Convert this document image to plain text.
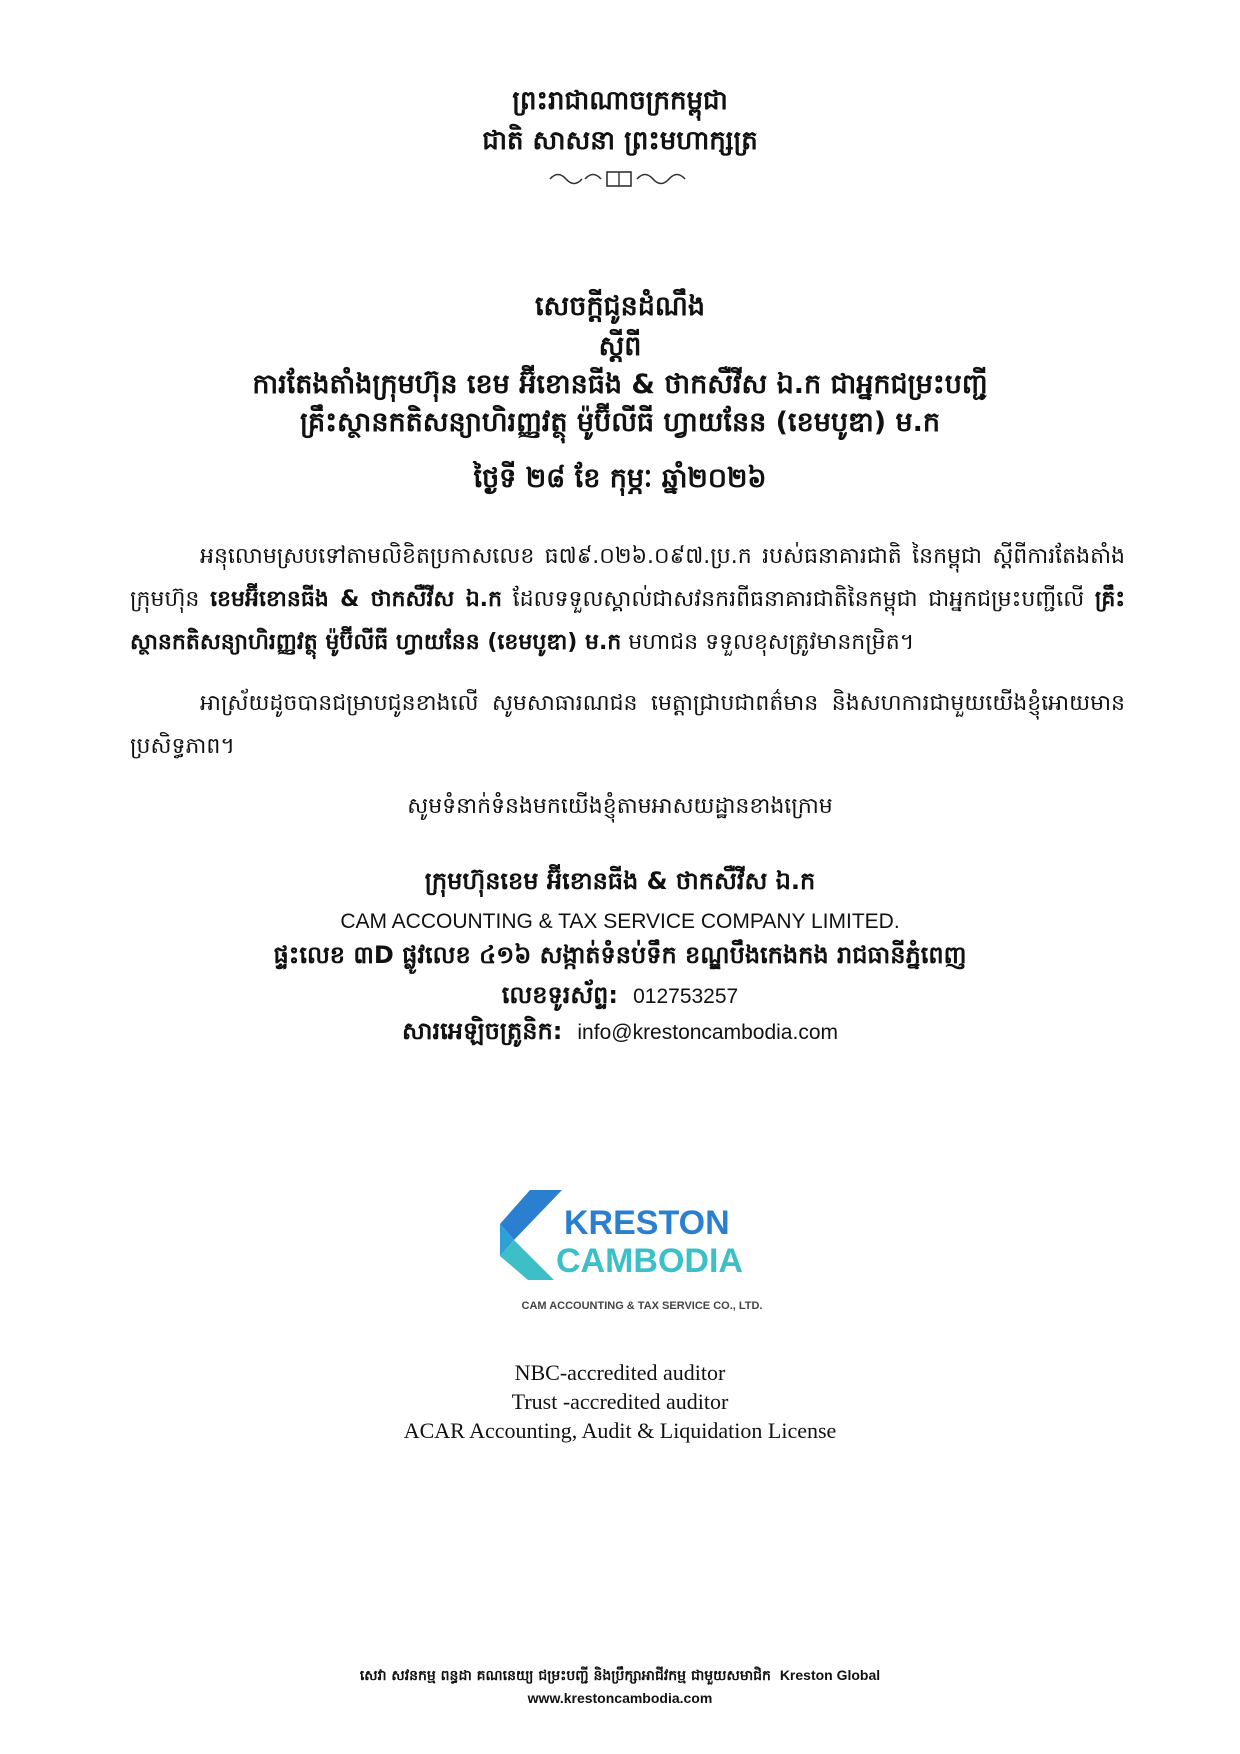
ព្រះរាជាណាចក្រកម្ពុជា
ជាតិ សាសនា ព្រះមហាក្សត្រ
សេចក្តីជូនដំណឹង
ស្តីពី
ការតែងតាំងក្រុមហ៊ុន ខេម អ៊ីខោនធីង & ថាកសឺវីស ឯ.ក ជាអ្នកជម្រះបញ្ជី
គ្រឹះស្ថានកតិសន្យាហិរញ្ញវត្ថុ ម៉ូប៊ីលីធី ហ្វាយនែន (ខេមបូឌា) ម.ក
ថ្ងៃទី ២៨ ខែ កុម្ភៈ ឆ្នាំ២០២៦
អនុលោមស្របទៅតាមលិខិតប្រកាសលេខ ធ៧៩.០២៦.០៩៧.ប្រ.ក របស់ធនាគារជាតិ នៃកម្ពុជា ស្តីពីការតែងតាំងក្រុមហ៊ុន ខេមអ៊ីខោនធីង & ថាកសឺវីស ឯ.ក ដែលទទួលស្គាល់ជាសវនករពីធនាគារជាតិនៃកម្ពុជា ជាអ្នកជម្រះបញ្ជីលើ គ្រឹះស្ថានកតិសន្យាហិរញ្ញវត្ថុ ម៉ូប៊ីលីធី ហ្វាយនែន (ខេមបូឌា) ម.ក មហាជន ទទួលខុសត្រូវមានកម្រិត។
អាស្រ័យដូចបានជម្រាបជូនខាងលើ សូមសាធារណជន មេត្តាជ្រាបជាពត៌មាន និងសហការជាមួយយើងខ្ញុំអោយមានប្រសិទ្ធភាព។
សូមទំនាក់ទំនងមកយើងខ្ញុំតាមអាសយដ្ឋានខាងក្រោម
ក្រុមហ៊ុនខេម អ៊ីខោនធីង & ថាកសឺវីស ឯ.ក
CAM ACCOUNTING & TAX SERVICE COMPANY LIMITED.
ផ្ទះលេខ ៣D ផ្លូវលេខ ៤១៦ សង្កាត់ទំនប់ទឹក ខណ្ឌបឹងកេងកង រាជធានីភ្នំពេញ
លេខទូរស័ព្ទ: 012753257
សារអេឡិចត្រូនិក: info@krestoncambodia.com
KRESTON
CAMBODIA
CAM ACCOUNTING & TAX SERVICE CO., LTD.
NBC-accredited auditor
Trust -accredited auditor
ACAR Accounting, Audit & Liquidation License
សេវា សវនកម្ម ពន្ធដា គណនេយ្យ ជម្រះបញ្ជី និងប្រឹក្សាអាជីវកម្ម ជាមួយសមាជិក Kreston Global
www.krestoncambodia.com
